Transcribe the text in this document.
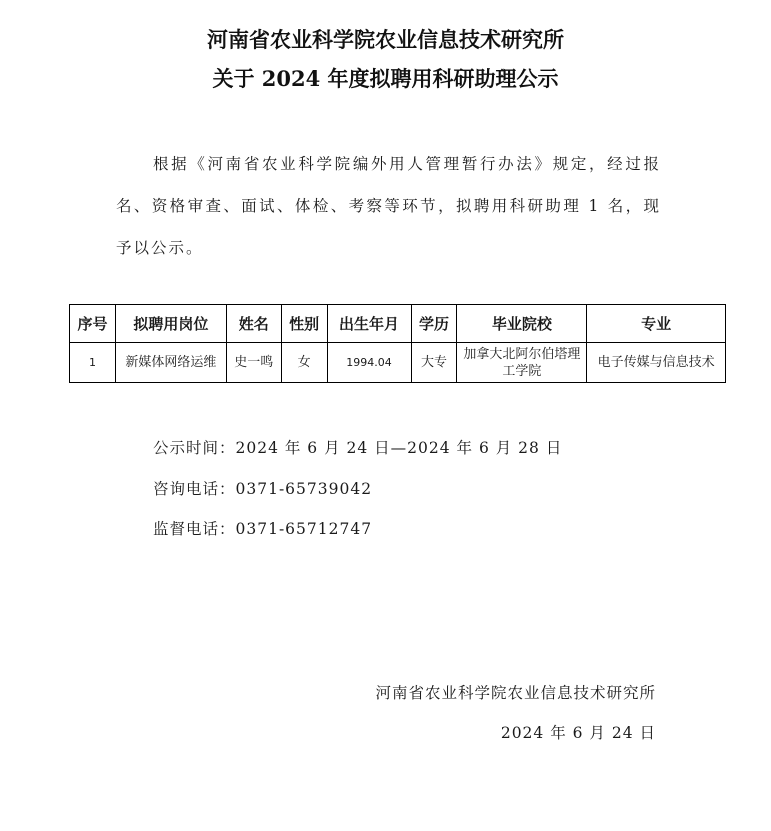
河南省农业科学院农业信息技术研究所
关于 2024 年度拟聘用科研助理公示
根据《河南省农业科学院编外用人管理暂行办法》规定，经过报名、资格审查、面试、体检、考察等环节，拟聘用科研助理 1 名，现予以公示。
序号	拟聘用岗位	姓名	性别	出生年月	学历	毕业院校	专业
1	新媒体网络运维	史一鸣	女	1994.04	大专	加拿大北阿尔伯塔理工学院	电子传媒与信息技术
公示时间：2024 年 6 月 24 日—2024 年 6 月 28 日
咨询电话：0371-65739042
监督电话：0371-65712747
河南省农业科学院农业信息技术研究所
2024 年 6 月 24 日
